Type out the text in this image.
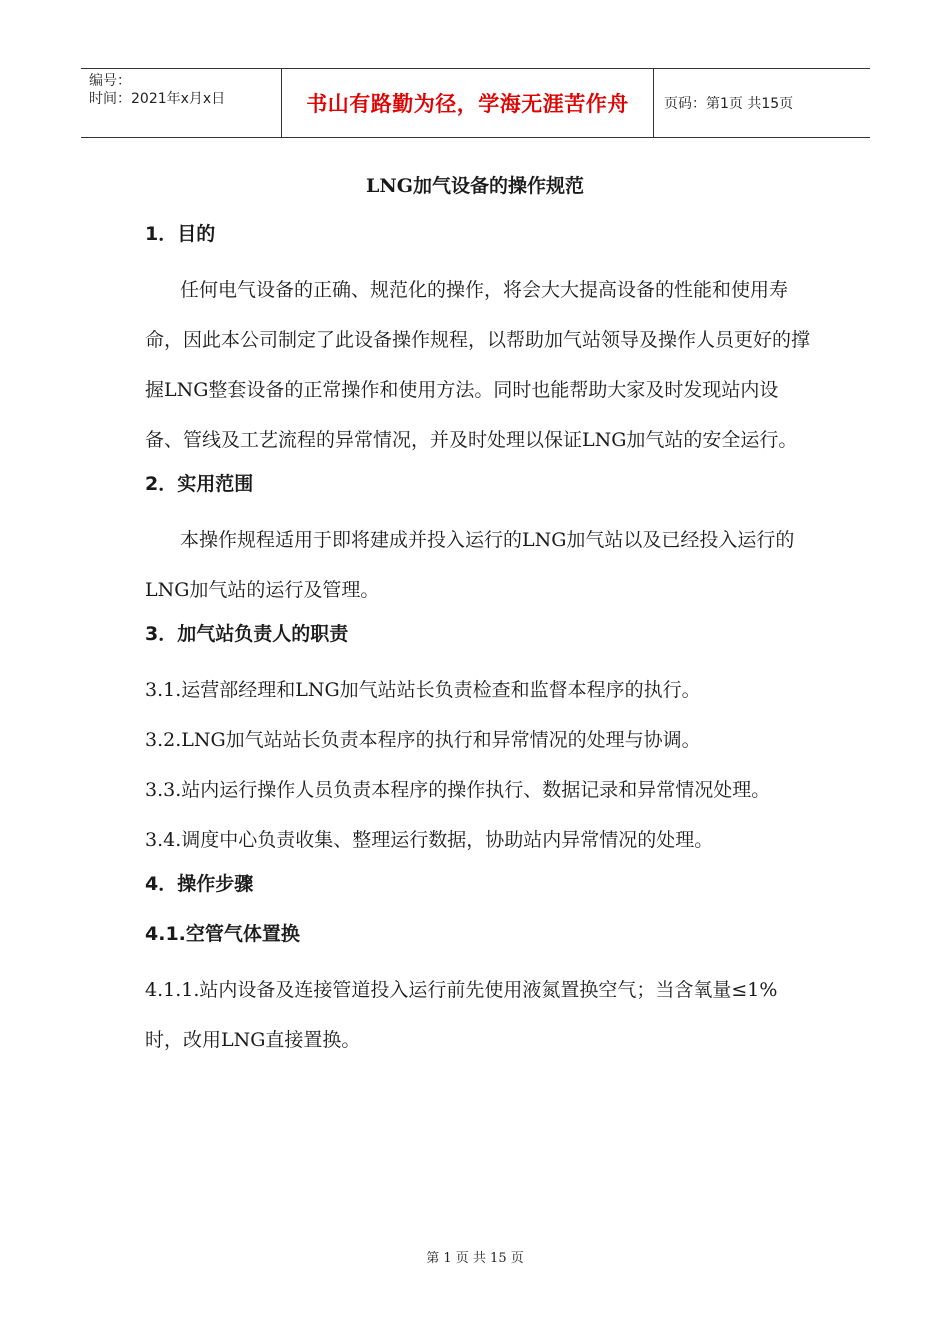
编号：
时间：2021年x月x日	书山有路勤为径，学海无涯苦作舟	页码：第1页 共15页
LNG加气设备的操作规范
1．目的
任何电气设备的正确、规范化的操作，将会大大提高设备的性能和使用寿命，因此本公司制定了此设备操作规程，以帮助加气站领导及操作人员更好的撑握LNG整套设备的正常操作和使用方法。同时也能帮助大家及时发现站内设备、管线及工艺流程的异常情况，并及时处理以保证LNG加气站的安全运行。
2．实用范围
本操作规程适用于即将建成并投入运行的LNG加气站以及已经投入运行的LNG加气站的运行及管理。
3．加气站负责人的职责
3.1.运营部经理和LNG加气站站长负责检查和监督本程序的执行。
3.2.LNG加气站站长负责本程序的执行和异常情况的处理与协调。
3.3.站内运行操作人员负责本程序的操作执行、数据记录和异常情况处理。
3.4.调度中心负责收集、整理运行数据，协助站内异常情况的处理。
4．操作步骤
4.1.空管气体置换
4.1.1.站内设备及连接管道投入运行前先使用液氮置换空气；当含氧量≤1%时，改用LNG直接置换。
第 1 页 共 15 页
